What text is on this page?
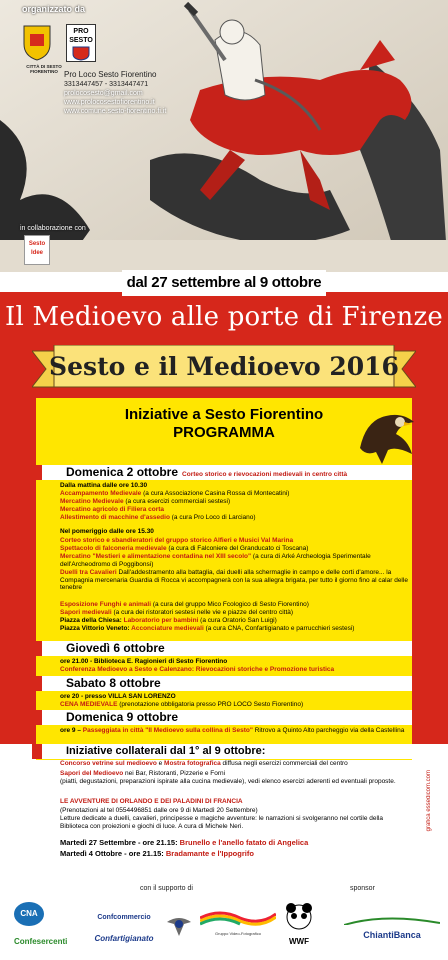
organizzato da
CITTÀ DI SESTO FIORENTINO
PRO SESTO
Pro Loco Sesto Fiorentino
3313447457 - 3313447471
prolocosesto@gmail.com
www.prolocosestofiorentino.it
www.comune.sesto-fiorentino.fi.it
in collaborazione con
Sesto Idee
dal 27 settembre al 9 ottobre
Il Medioevo alle porte di Firenze
Sesto e il Medioevo 2016
Iniziative a Sesto Fiorentino
PROGRAMMA
Domenica 2 ottobre Corteo storico e rievocazioni medievali in centro città
Dalla mattina dalle ore 10.30
Accampamento Medievale (a cura Associazione Casina Rossa di Montecatini)
Mercatino Medievale (a cura esercizi commerciali sestesi)
Mercatino agricolo di Filiera corta
Allestimento di macchine d'assedio (a cura Pro Loco di Larciano)
Nel pomeriggio dalle ore 15.30
Corteo storico e sbandieratori del gruppo storico Alfieri e Musici Val Marina
Spettacolo di falconeria medievale (a cura di Falconiere del Granducato ci Toscana)
Mercatino "Mestieri e alimentazione contadina nel XIII secolo" (a cura di Arké Archeologia Sperimentale dell'Archeodromo di Poggibonsi)
Duelli tra Cavalieri Dall'addestramento alla battaglia, dai duelli alla schermaglie in campo e delle corti d'amore... la Compagnia mercenaria Guardia di Rocca vi accompagnerà con la sua allegra brigata, per tutto il giorno fino al calar delle tenebre
Esposizione Funghi e animali (a cura del gruppo Mico Fcologico di Sesto Fiorentino)
Sapori medievali (a cura dei ristoratori sestesi nelle vie e piazze del centro città)
Piazza della Chiesa: Laboratorio per bambini (a cura Oratorio San Luigi)
Piazza Vittorio Veneto: Acconciature medievali (a cura CNA, Confartigianato e parrucchieri sestesi)
Giovedì 6 ottobre
ore 21.00 - Biblioteca E. Ragionieri di Sesto Fiorentino
Conferenza Medioevo a Sesto e Calenzano: Rievocazioni storiche e Promozione turistica
Sabato 8 ottobre
ore 20 - presso VILLA SAN LORENZO
CENA MEDIEVALE (prenotazione obbligatoria presso PRO LOCO Sesto Fiorentino)
Domenica 9 ottobre
ore 9 – Passeggiata in città "Il Medioevo sulla collina di Sesto" Ritrovo a Quinto Alto parcheggio via della Castellina
Iniziative collaterali dal 1° al 9 ottobre:
Concorso vetrine sul medioevo e Mostra fotografica diffusa negli esercizi commerciali del centro
Sapori del Medioevo nei Bar, Ristoranti, Pizzerie e Forni
(piatti, degustazioni, preparazioni ispirate alla cucina medievale), vedi elenco esercizi aderenti ed eventuali proposte.
LE AVVENTURE DI ORLANDO E DEI PALADINI DI FRANCIA
(Prenotazioni al tel 0554496851 dalle ore 9 di Martedì 20 Settembre)
Letture dedicate a duelli, cavalieri, principesse e magiche avventure: le narrazioni si svolgeranno nel cortile della Biblioteca con proiezioni e giochi di luce. A cura di Michele Neri.
Martedì 27 Settembre - ore 21.15: Brunello e l'anello fatato di Angelica
Martedì 4 Ottobre - ore 21.15: Bradamante e l'Ippogrifo
grafica essedicom.com
con il supporto di	sponsor
CNA
Confesercenti
Confcommercio
Confartigianato
Gruppo Video-Fotografico
WWF
ChiantiBanca
